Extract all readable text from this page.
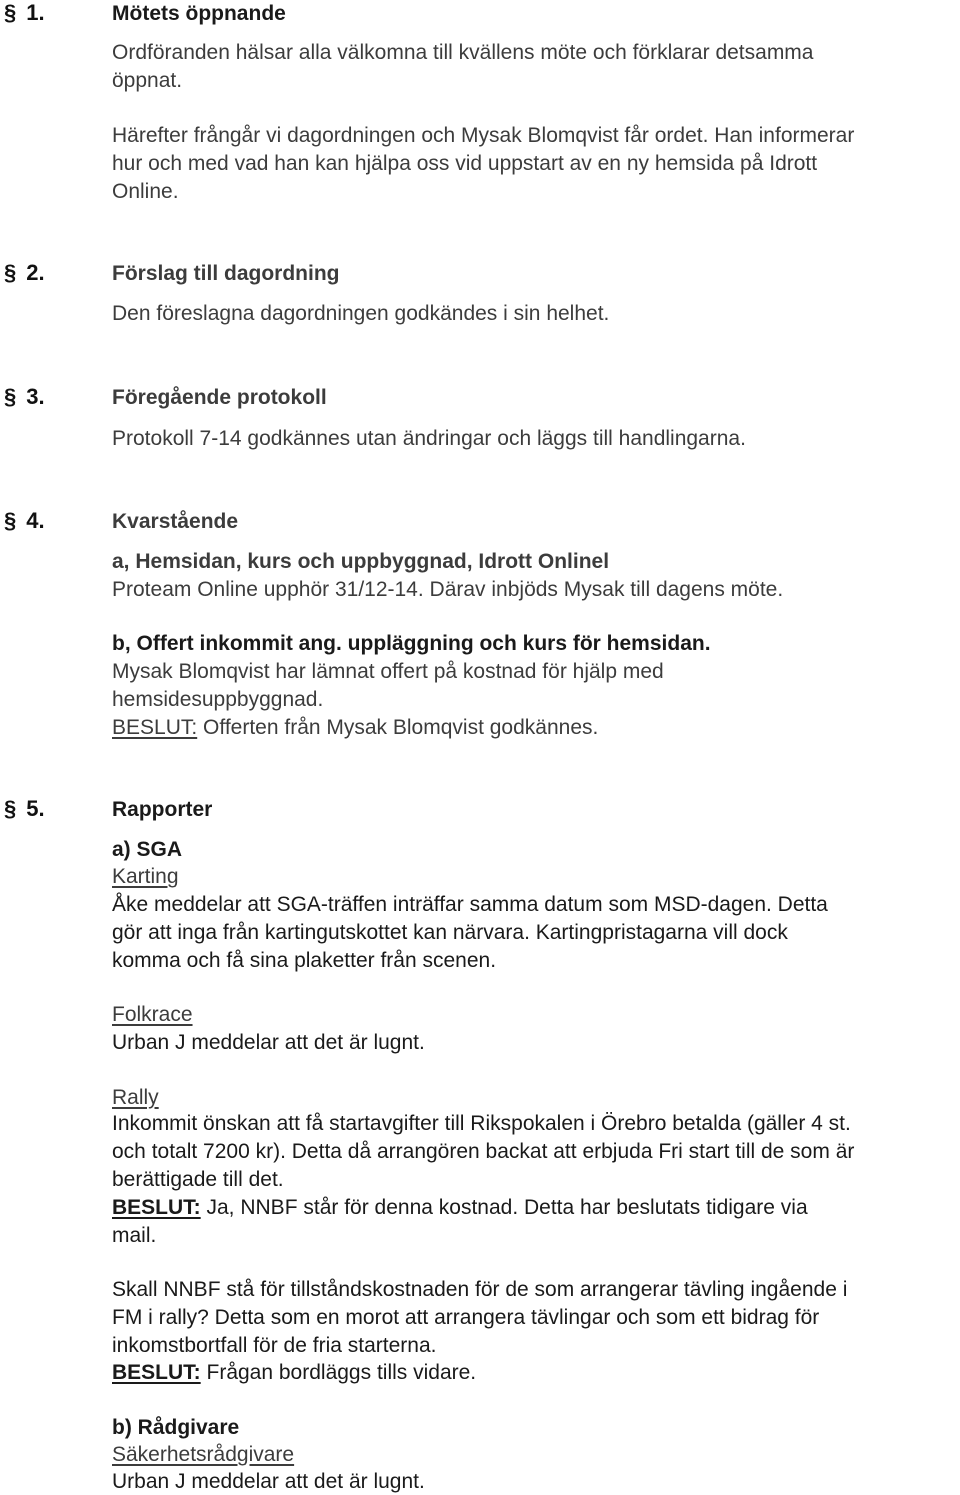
§ 1.	Mötets öppnande
Ordföranden hälsar alla välkomna till kvällens möte och förklarar detsamma
öppnat.
Härefter frångår vi dagordningen och Mysak Blomqvist får ordet. Han informerar
hur och med vad han kan hjälpa oss vid uppstart av en ny hemsida på Idrott
Online.
§ 2.	Förslag till dagordning
Den föreslagna dagordningen godkändes i sin helhet.
§ 3.	Föregående protokoll
Protokoll 7-14 godkännes utan ändringar och läggs till handlingarna.
§ 4.	Kvarstående
a, Hemsidan, kurs och uppbyggnad, Idrott Onlinel
Proteam Online upphör 31/12-14. Därav inbjöds Mysak till dagens möte.
b, Offert inkommit ang. uppläggning och kurs för hemsidan.
Mysak Blomqvist har lämnat offert på kostnad för hjälp med
hemsidesuppbyggnad.
BESLUT: Offerten från Mysak Blomqvist godkännes.
§ 5.	Rapporter
a) SGA
Karting
Åke meddelar att SGA-träffen inträffar samma datum som MSD-dagen. Detta
gör att inga från kartingutskottet kan närvara. Kartingpristagarna vill dock
komma och få sina plaketter från scenen.
Folkrace
Urban J meddelar att det är lugnt.
Rally
Inkommit önskan att få startavgifter till Rikspokalen i Örebro betalda (gäller 4 st.
och totalt 7200 kr). Detta då arrangören backat att erbjuda Fri start till de som är
berättigade till det.
BESLUT: Ja, NNBF står för denna kostnad. Detta har beslutats tidigare via
mail.
Skall NNBF stå för tillståndskostnaden för de som arrangerar tävling ingående i
FM i rally? Detta som en morot att arrangera tävlingar och som ett bidrag för
inkomstbortfall för de fria starterna.
BESLUT: Frågan bordläggs tills vidare.
b) Rådgivare
Säkerhetsrådgivare
Urban J meddelar att det är lugnt.
